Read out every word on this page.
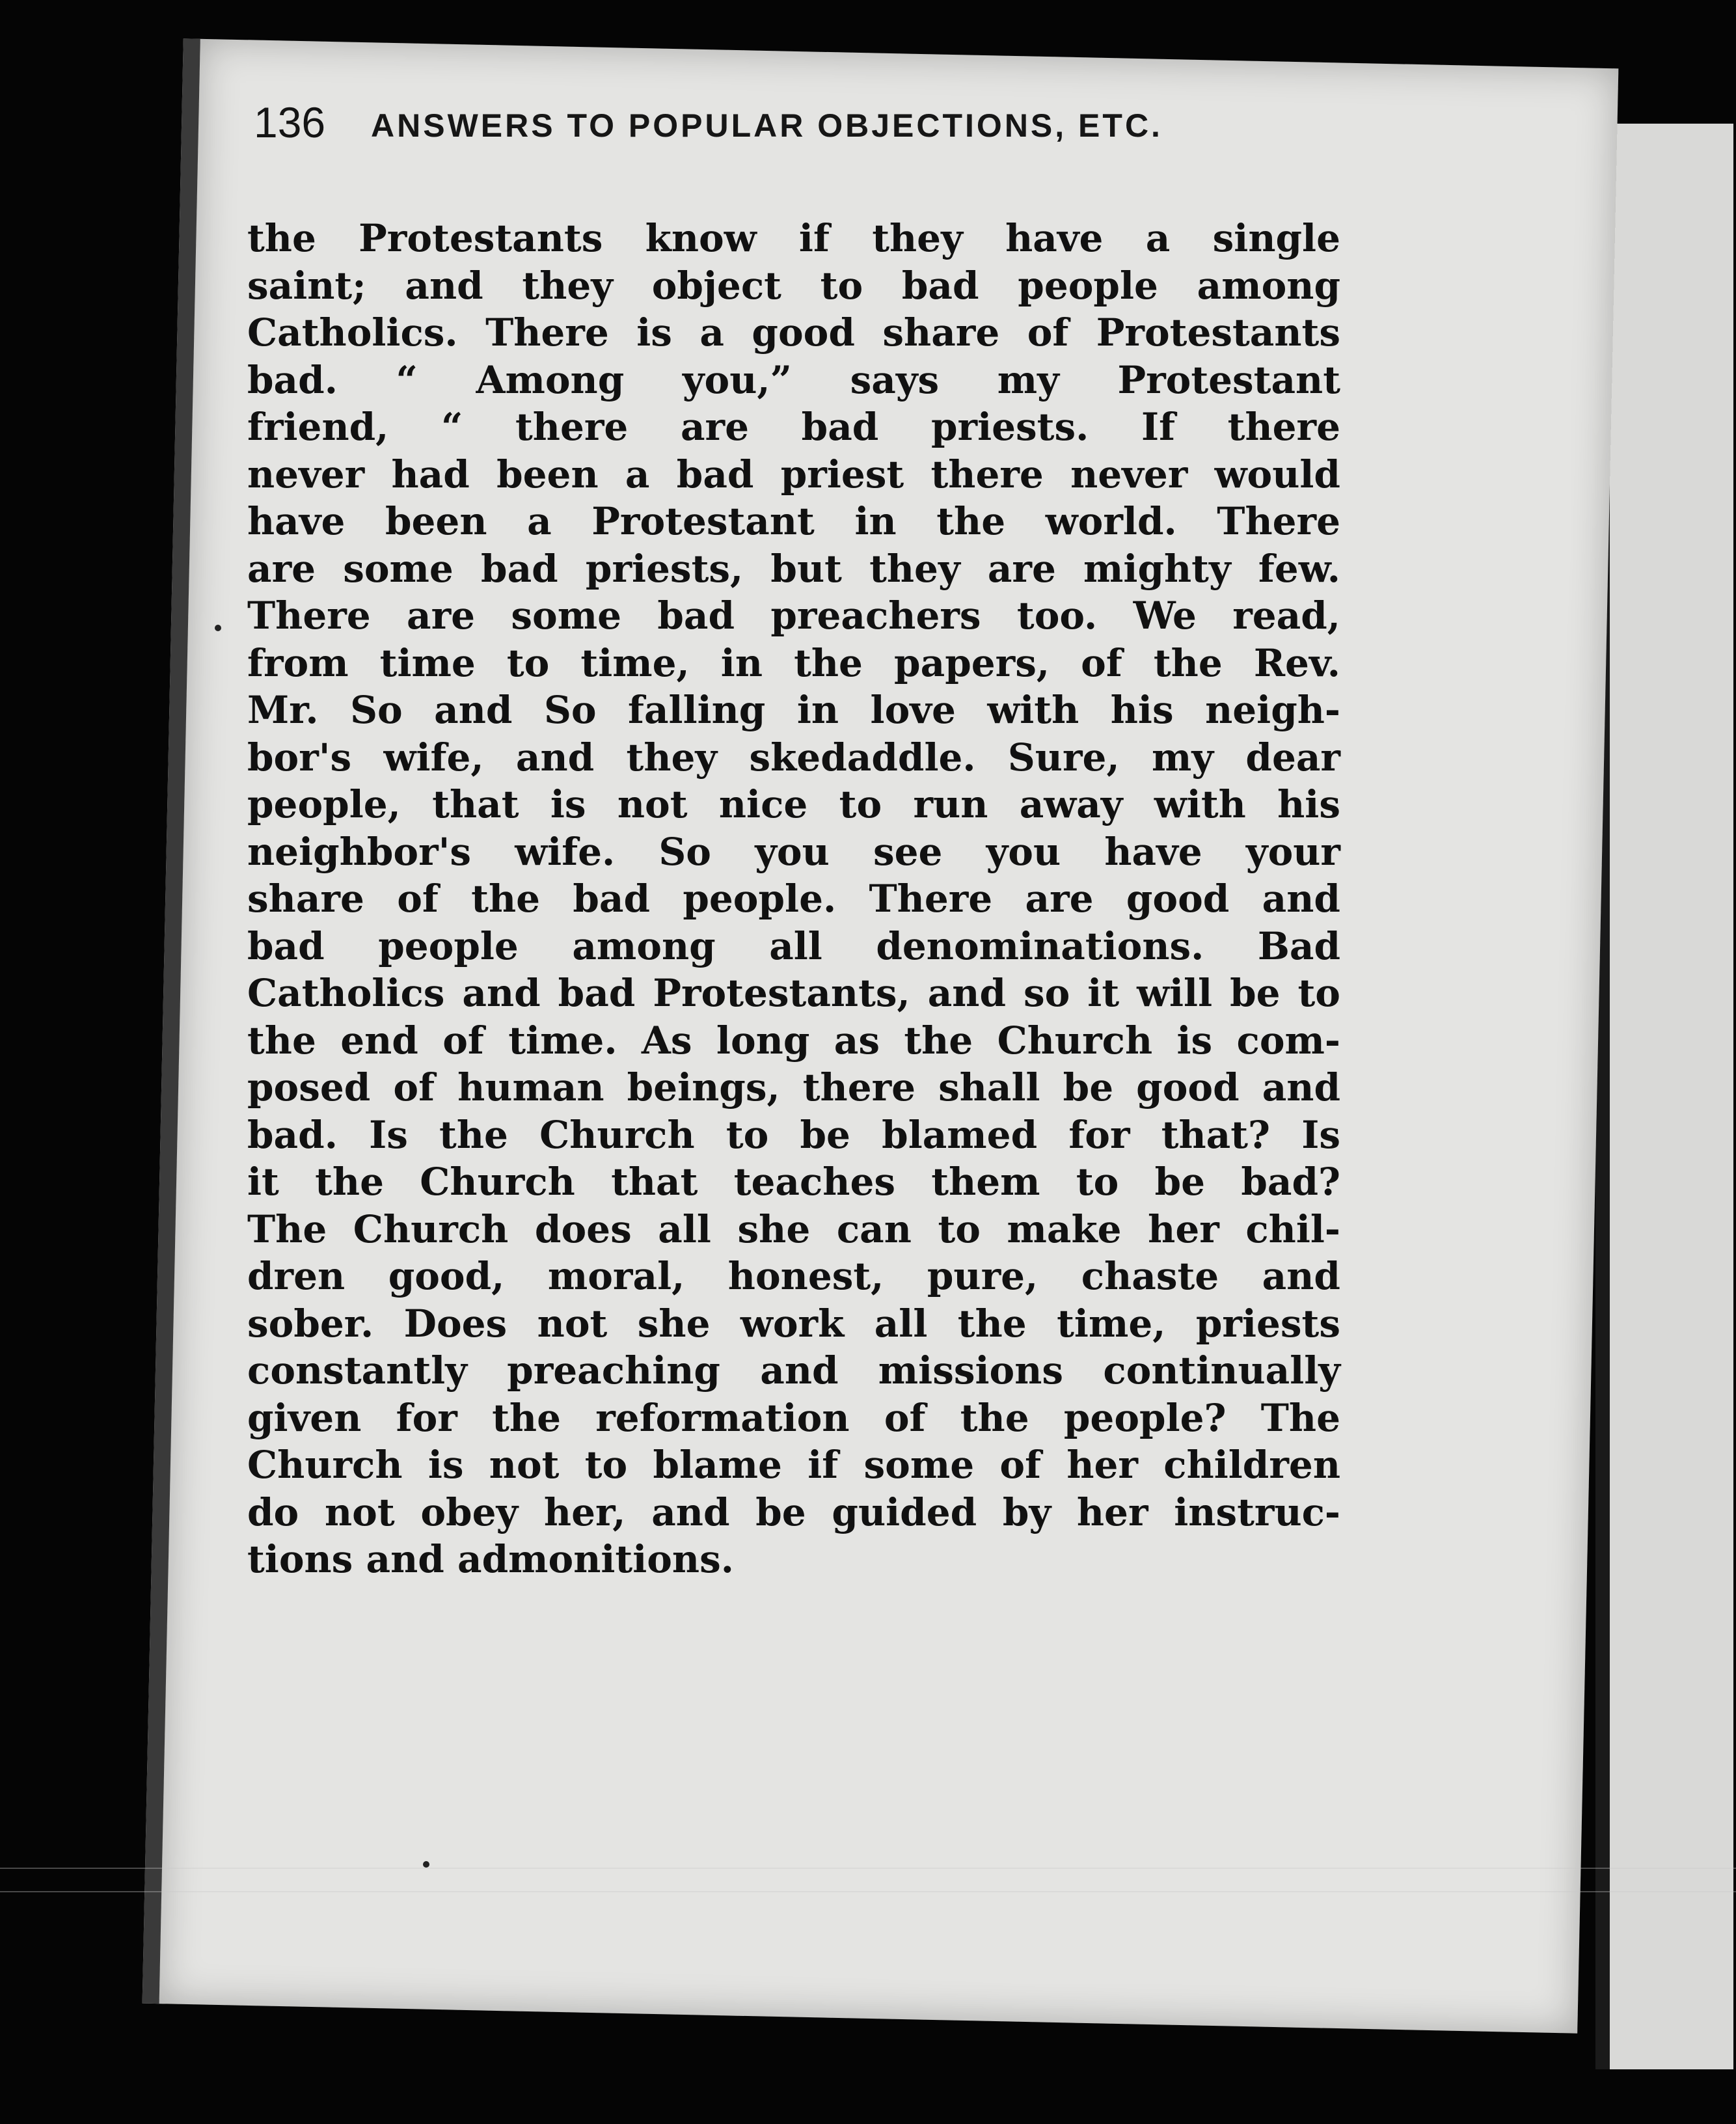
136 ANSWERS TO POPULAR OBJECTIONS, ETC.
the Protestants know if they have a single
saint; and they object to bad people among
Catholics. There is a good share of Protestants
bad. “ Among you,” says my Protestant
friend, “ there are bad priests. If there
never had been a bad priest there never would
have been a Protestant in the world. There
are some bad priests, but they are mighty few.
There are some bad preachers too. We read,
from time to time, in the papers, of the Rev.
Mr. So and So falling in love with his neigh-
bor's wife, and they skedaddle. Sure, my dear
people, that is not nice to run away with his
neighbor's wife. So you see you have your
share of the bad people. There are good and
bad people among all denominations. Bad
Catholics and bad Protestants, and so it will be to
the end of time. As long as the Church is com-
posed of human beings, there shall be good and
bad. Is the Church to be blamed for that? Is
it the Church that teaches them to be bad?
The Church does all she can to make her chil-
dren good, moral, honest, pure, chaste and
sober. Does not she work all the time, priests
constantly preaching and missions continually
given for the reformation of the people? The
Church is not to blame if some of her children
do not obey her, and be guided by her instruc-
tions and admonitions.
